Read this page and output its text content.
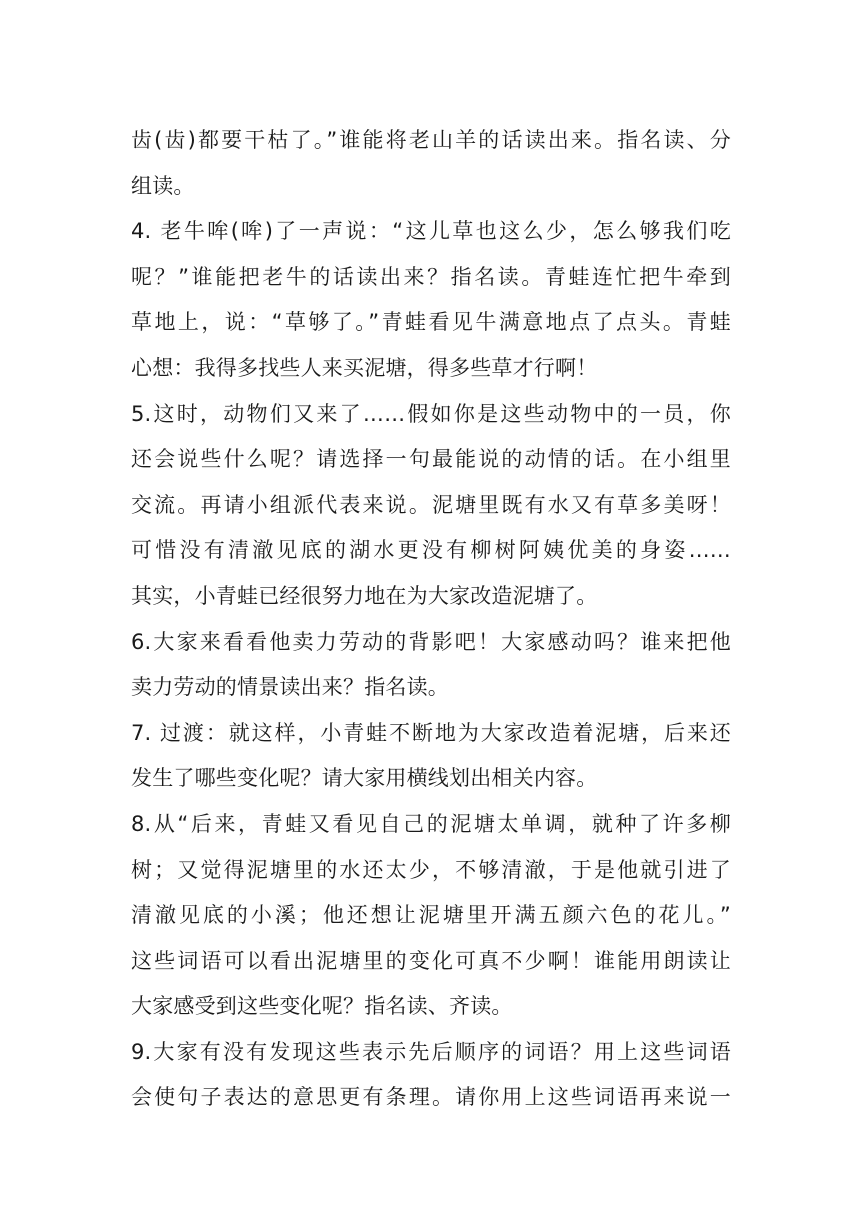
齿(齿)都要干枯了。”谁能将老山羊的话读出来。指名读、分
组读。
4. 老牛哞(哞)了一声说：“这儿草也这么少，怎么够我们吃
呢？”谁能把老牛的话读出来？指名读。青蛙连忙把牛牵到
草地上，说：“草够了。”青蛙看见牛满意地点了点头。青蛙
心想：我得多找些人来买泥塘，得多些草才行啊！
5.这时，动物们又来了……假如你是这些动物中的一员，你
还会说些什么呢？请选择一句最能说的动情的话。在小组里
交流。再请小组派代表来说。泥塘里既有水又有草多美呀！
可惜没有清澈见底的湖水更没有柳树阿姨优美的身姿……
其实，小青蛙已经很努力地在为大家改造泥塘了。
6.大家来看看他卖力劳动的背影吧！大家感动吗？谁来把他
卖力劳动的情景读出来？指名读。
7. 过渡：就这样，小青蛙不断地为大家改造着泥塘，后来还
发生了哪些变化呢？请大家用横线划出相关内容。
8.从“后来，青蛙又看见自己的泥塘太单调，就种了许多柳
树；又觉得泥塘里的水还太少，不够清澈，于是他就引进了
清澈见底的小溪；他还想让泥塘里开满五颜六色的花儿。”
这些词语可以看出泥塘里的变化可真不少啊！谁能用朗读让
大家感受到这些变化呢？指名读、齐读。
9.大家有没有发现这些表示先后顺序的词语？用上这些词语
会使句子表达的意思更有条理。请你用上这些词语再来说一
